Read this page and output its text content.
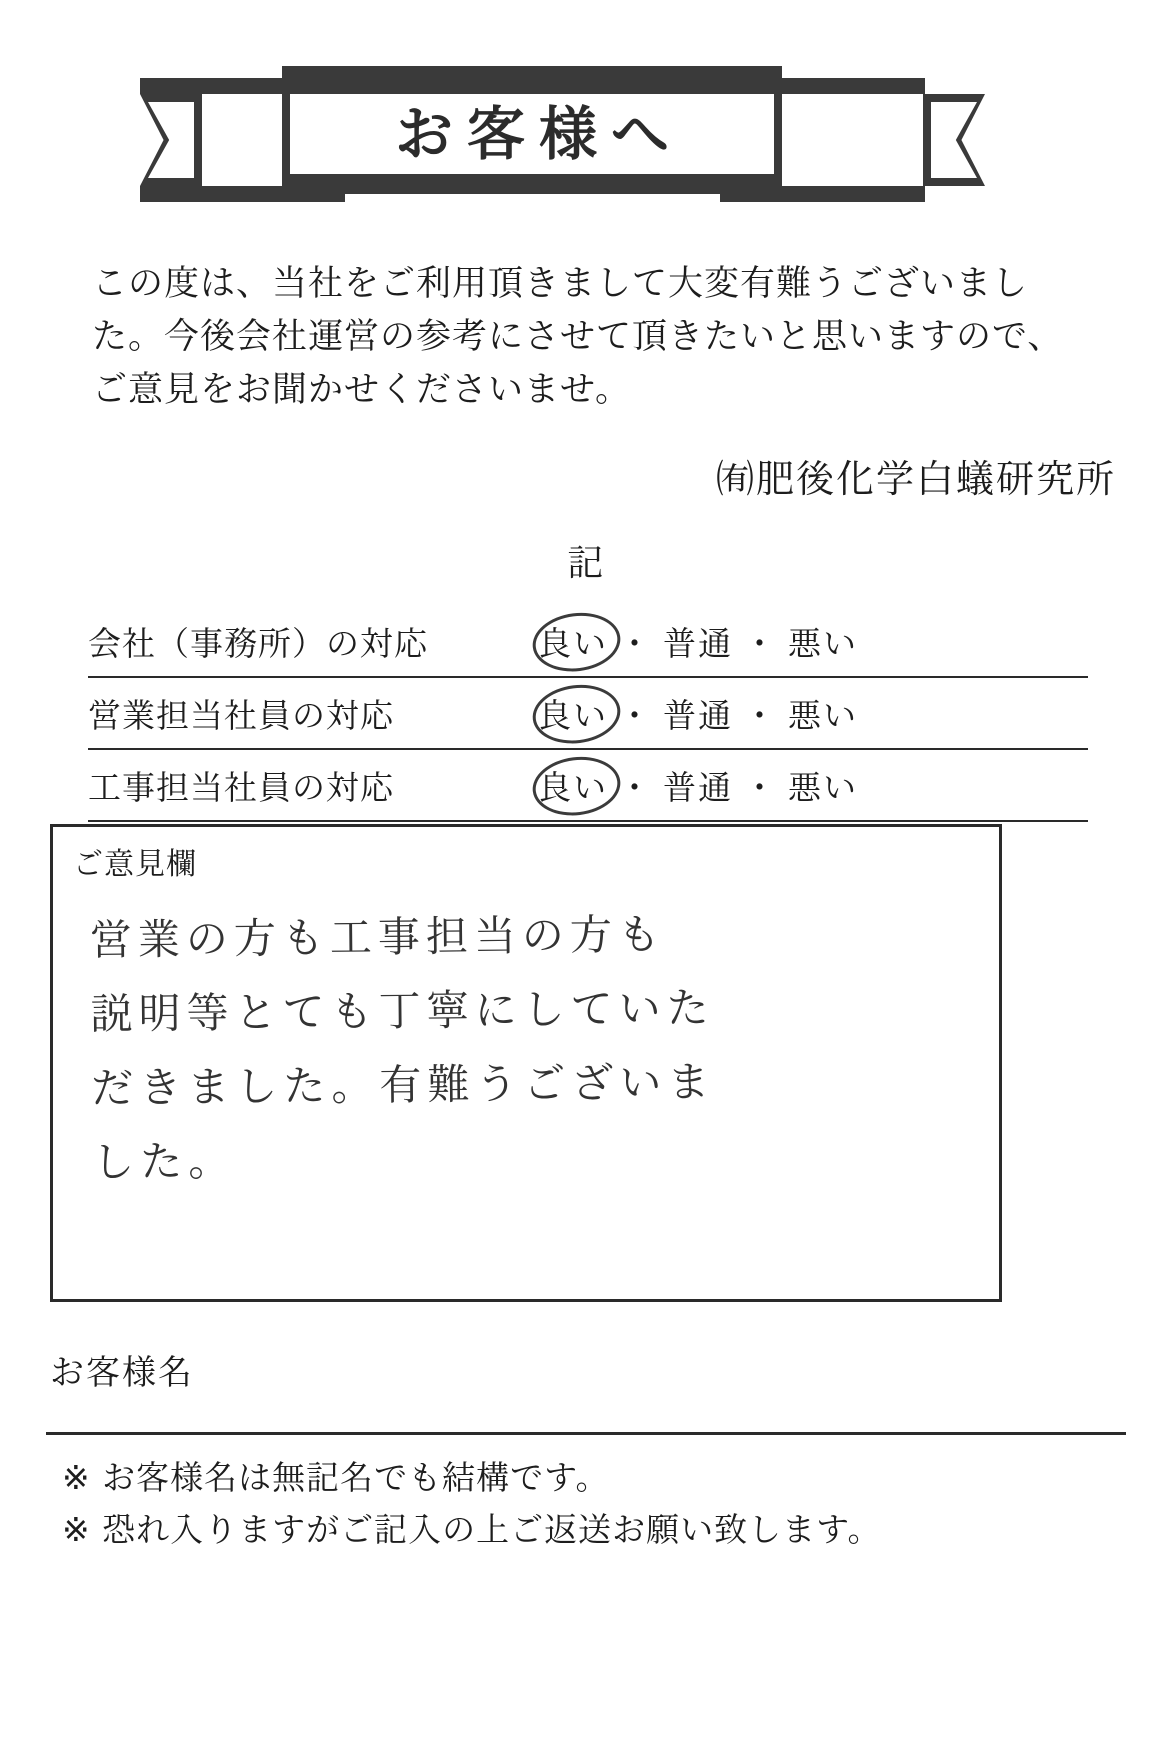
お客様へ
この度は、当社をご利用頂きまして大変有難うございました。今後会社運営の参考にさせて頂きたいと思いますので、ご意見をお聞かせくださいませ。
㈲肥後化学白蟻研究所
記
会社（事務所）の対応	良い ・ 普通 ・ 悪い
営業担当社員の対応	良い ・ 普通 ・ 悪い
工事担当社員の対応	良い ・ 普通 ・ 悪い
ご意見欄
営業の方も工事担当の方も
説明等とても丁寧にしていた
だきました。有難うございま
した。
お客様名
※ お客様名は無記名でも結構です。
※ 恐れ入りますがご記入の上ご返送お願い致します。
